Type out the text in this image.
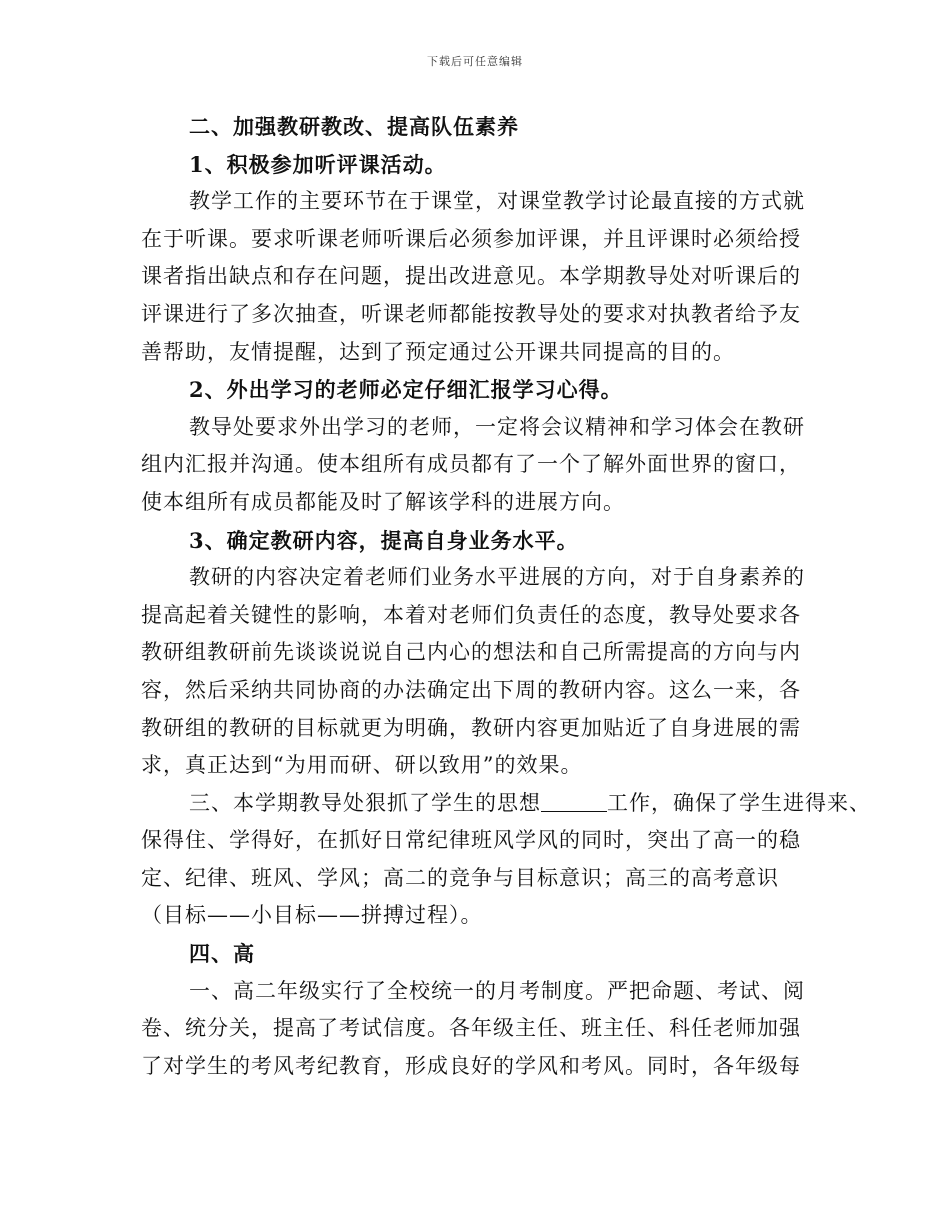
下载后可任意编辑
二、加强教研教改、提高队伍素养
1、积极参加听评课活动。
教学工作的主要环节在于课堂，对课堂教学讨论最直接的方式就
在于听课。要求听课老师听课后必须参加评课，并且评课时必须给授
课者指出缺点和存在问题，提出改进意见。本学期教导处对听课后的
评课进行了多次抽查，听课老师都能按教导处的要求对执教者给予友
善帮助，友情提醒，达到了预定通过公开课共同提高的目的。
2、外出学习的老师必定仔细汇报学习心得。
教导处要求外出学习的老师，一定将会议精神和学习体会在教研
组内汇报并沟通。使本组所有成员都有了一个了解外面世界的窗口，
使本组所有成员都能及时了解该学科的进展方向。
3、确定教研内容，提高自身业务水平。
教研的内容决定着老师们业务水平进展的方向，对于自身素养的
提高起着关键性的影响，本着对老师们负责任的态度，教导处要求各
教研组教研前先谈谈说说自己内心的想法和自己所需提高的方向与内
容，然后采纳共同协商的办法确定出下周的教研内容。这么一来，各
教研组的教研的目标就更为明确，教研内容更加贴近了自身进展的需
求，真正达到“为用而研、研以致用”的效果。
三、本学期教导处狠抓了学生的思想	工作，确保了学生进得来、
保得住、学得好，在抓好日常纪律班风学风的同时，突出了高一的稳
定、纪律、班风、学风；高二的竞争与目标意识；高三的高考意识
（目标——小目标——拼搏过程）。
四、高
一、高二年级实行了全校统一的月考制度。严把命题、考试、阅
卷、统分关，提高了考试信度。各年级主任、班主任、科任老师加强
了对学生的考风考纪教育，形成良好的学风和考风。同时，各年级每
